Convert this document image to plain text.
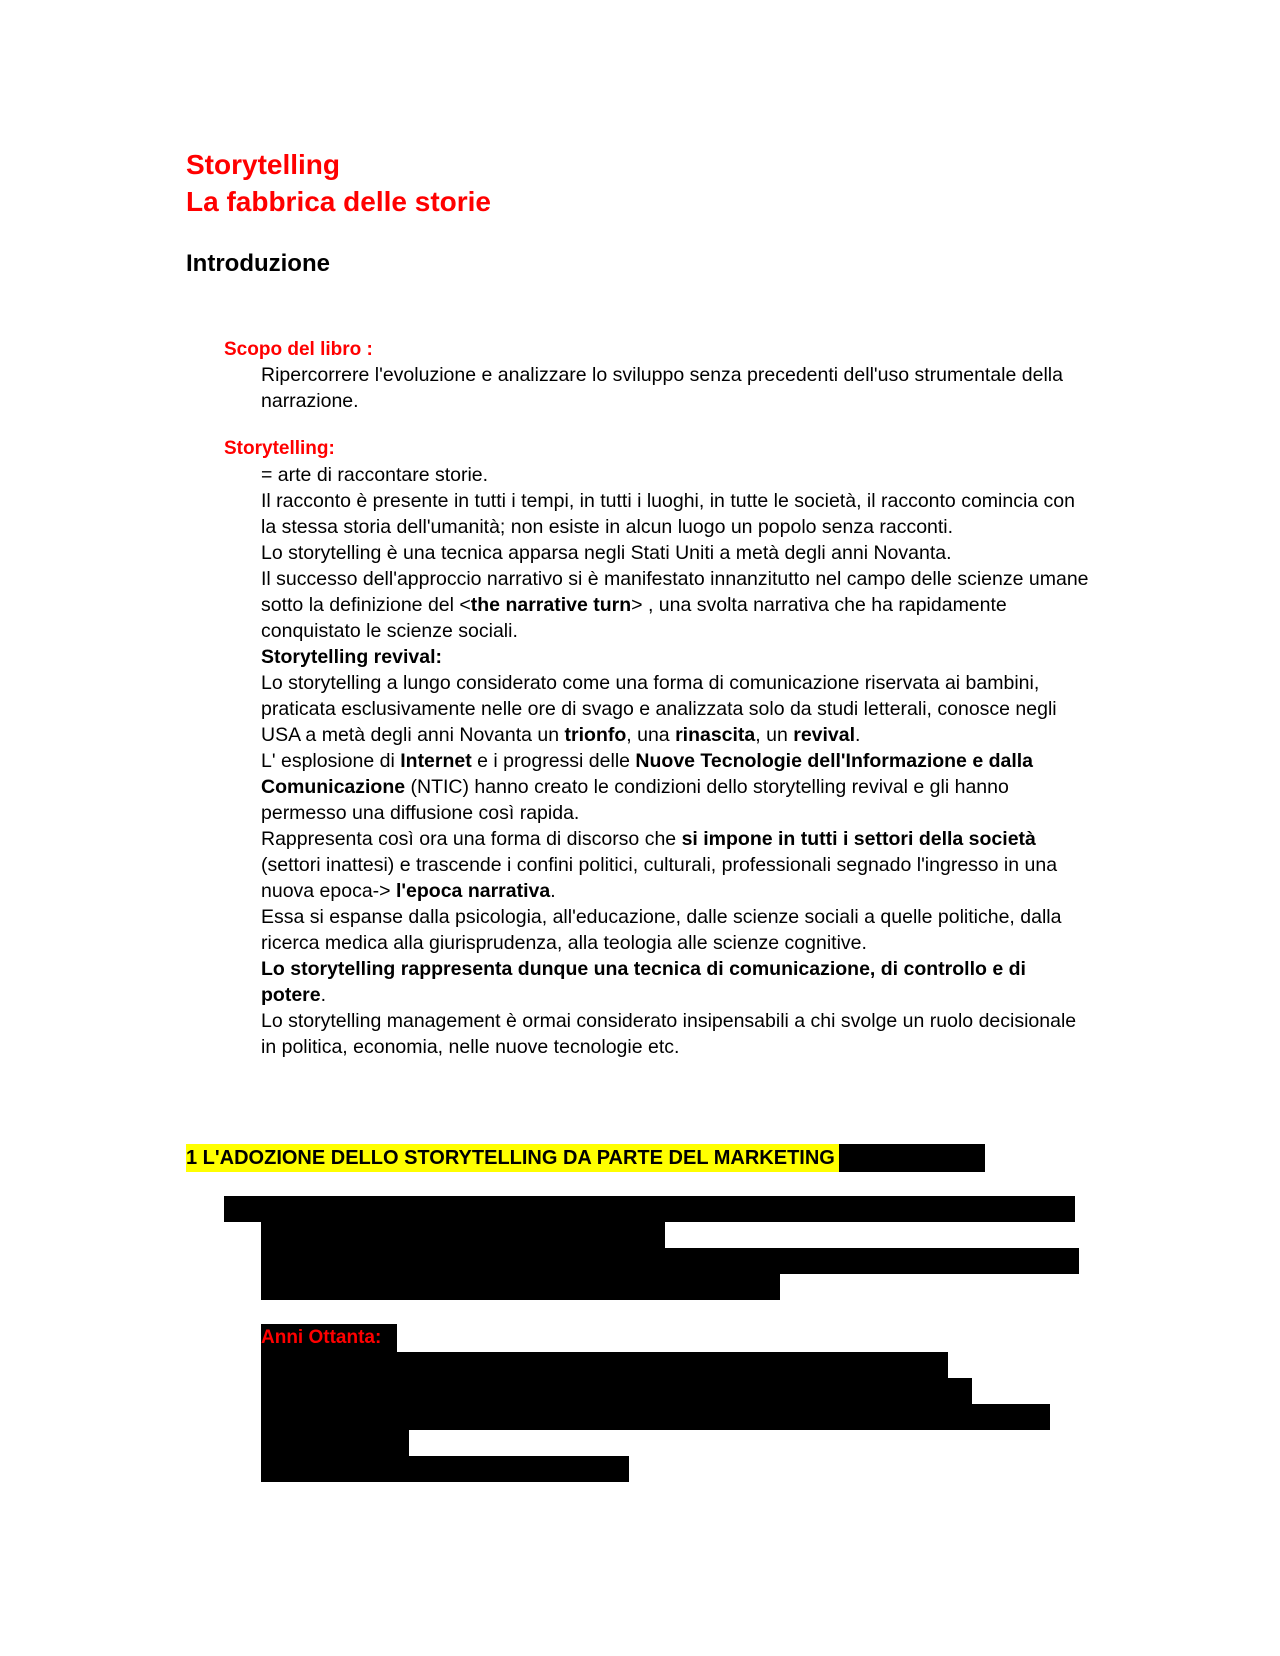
Storytelling
La fabbrica delle storie
Introduzione
Scopo del libro :

Ripercorrere l'evoluzione e analizzare lo sviluppo senza precedenti dell'uso strumentale della narrazione.

Storytelling:

= arte di raccontare storie.

Il racconto è presente in tutti i tempi, in tutti i luoghi, in tutte le società, il racconto comincia con la stessa storia dell'umanità; non esiste in alcun luogo un popolo senza racconti.

Lo storytelling è una tecnica apparsa negli Stati Uniti a metà degli anni Novanta.

Il successo dell'approccio narrativo si è manifestato innanzitutto nel campo delle scienze umane sotto la definizione del <the narrative turn> , una svolta narrativa che ha rapidamente conquistato le scienze sociali.

Storytelling revival:

Lo storytelling a lungo considerato come una forma di comunicazione riservata ai bambini, praticata esclusivamente nelle ore di svago e analizzata solo da studi letterali, conosce negli USA a metà degli anni Novanta un trionfo, una rinascita, un revival.

L' esplosione di Internet e i progressi delle Nuove Tecnologie dell'Informazione e dalla Comunicazione (NTIC) hanno creato le condizioni dello storytelling revival e gli hanno permesso una diffusione così rapida.

Rappresenta così ora una forma di discorso che si impone in tutti i settori della società (settori inattesi) e trascende i confini politici, culturali, professionali segnado l'ingresso in una nuova epoca-> l'epoca narrativa.

Essa si espanse dalla psicologia, all'educazione, dalle scienze sociali a quelle politiche, dalla ricerca medica alla giurisprudenza, alla teologia alle scienze cognitive.

Lo storytelling rappresenta dunque una tecnica di comunicazione, di controllo e di potere.

Lo storytelling management è ormai considerato insipensabili a chi svolge un ruolo decisionale in politica, economia, nelle nuove tecnologie etc.

1 L'ADOZIONE DELLO STORYTELLING DA PARTE DEL MARKETING
Anni Ottanta:
